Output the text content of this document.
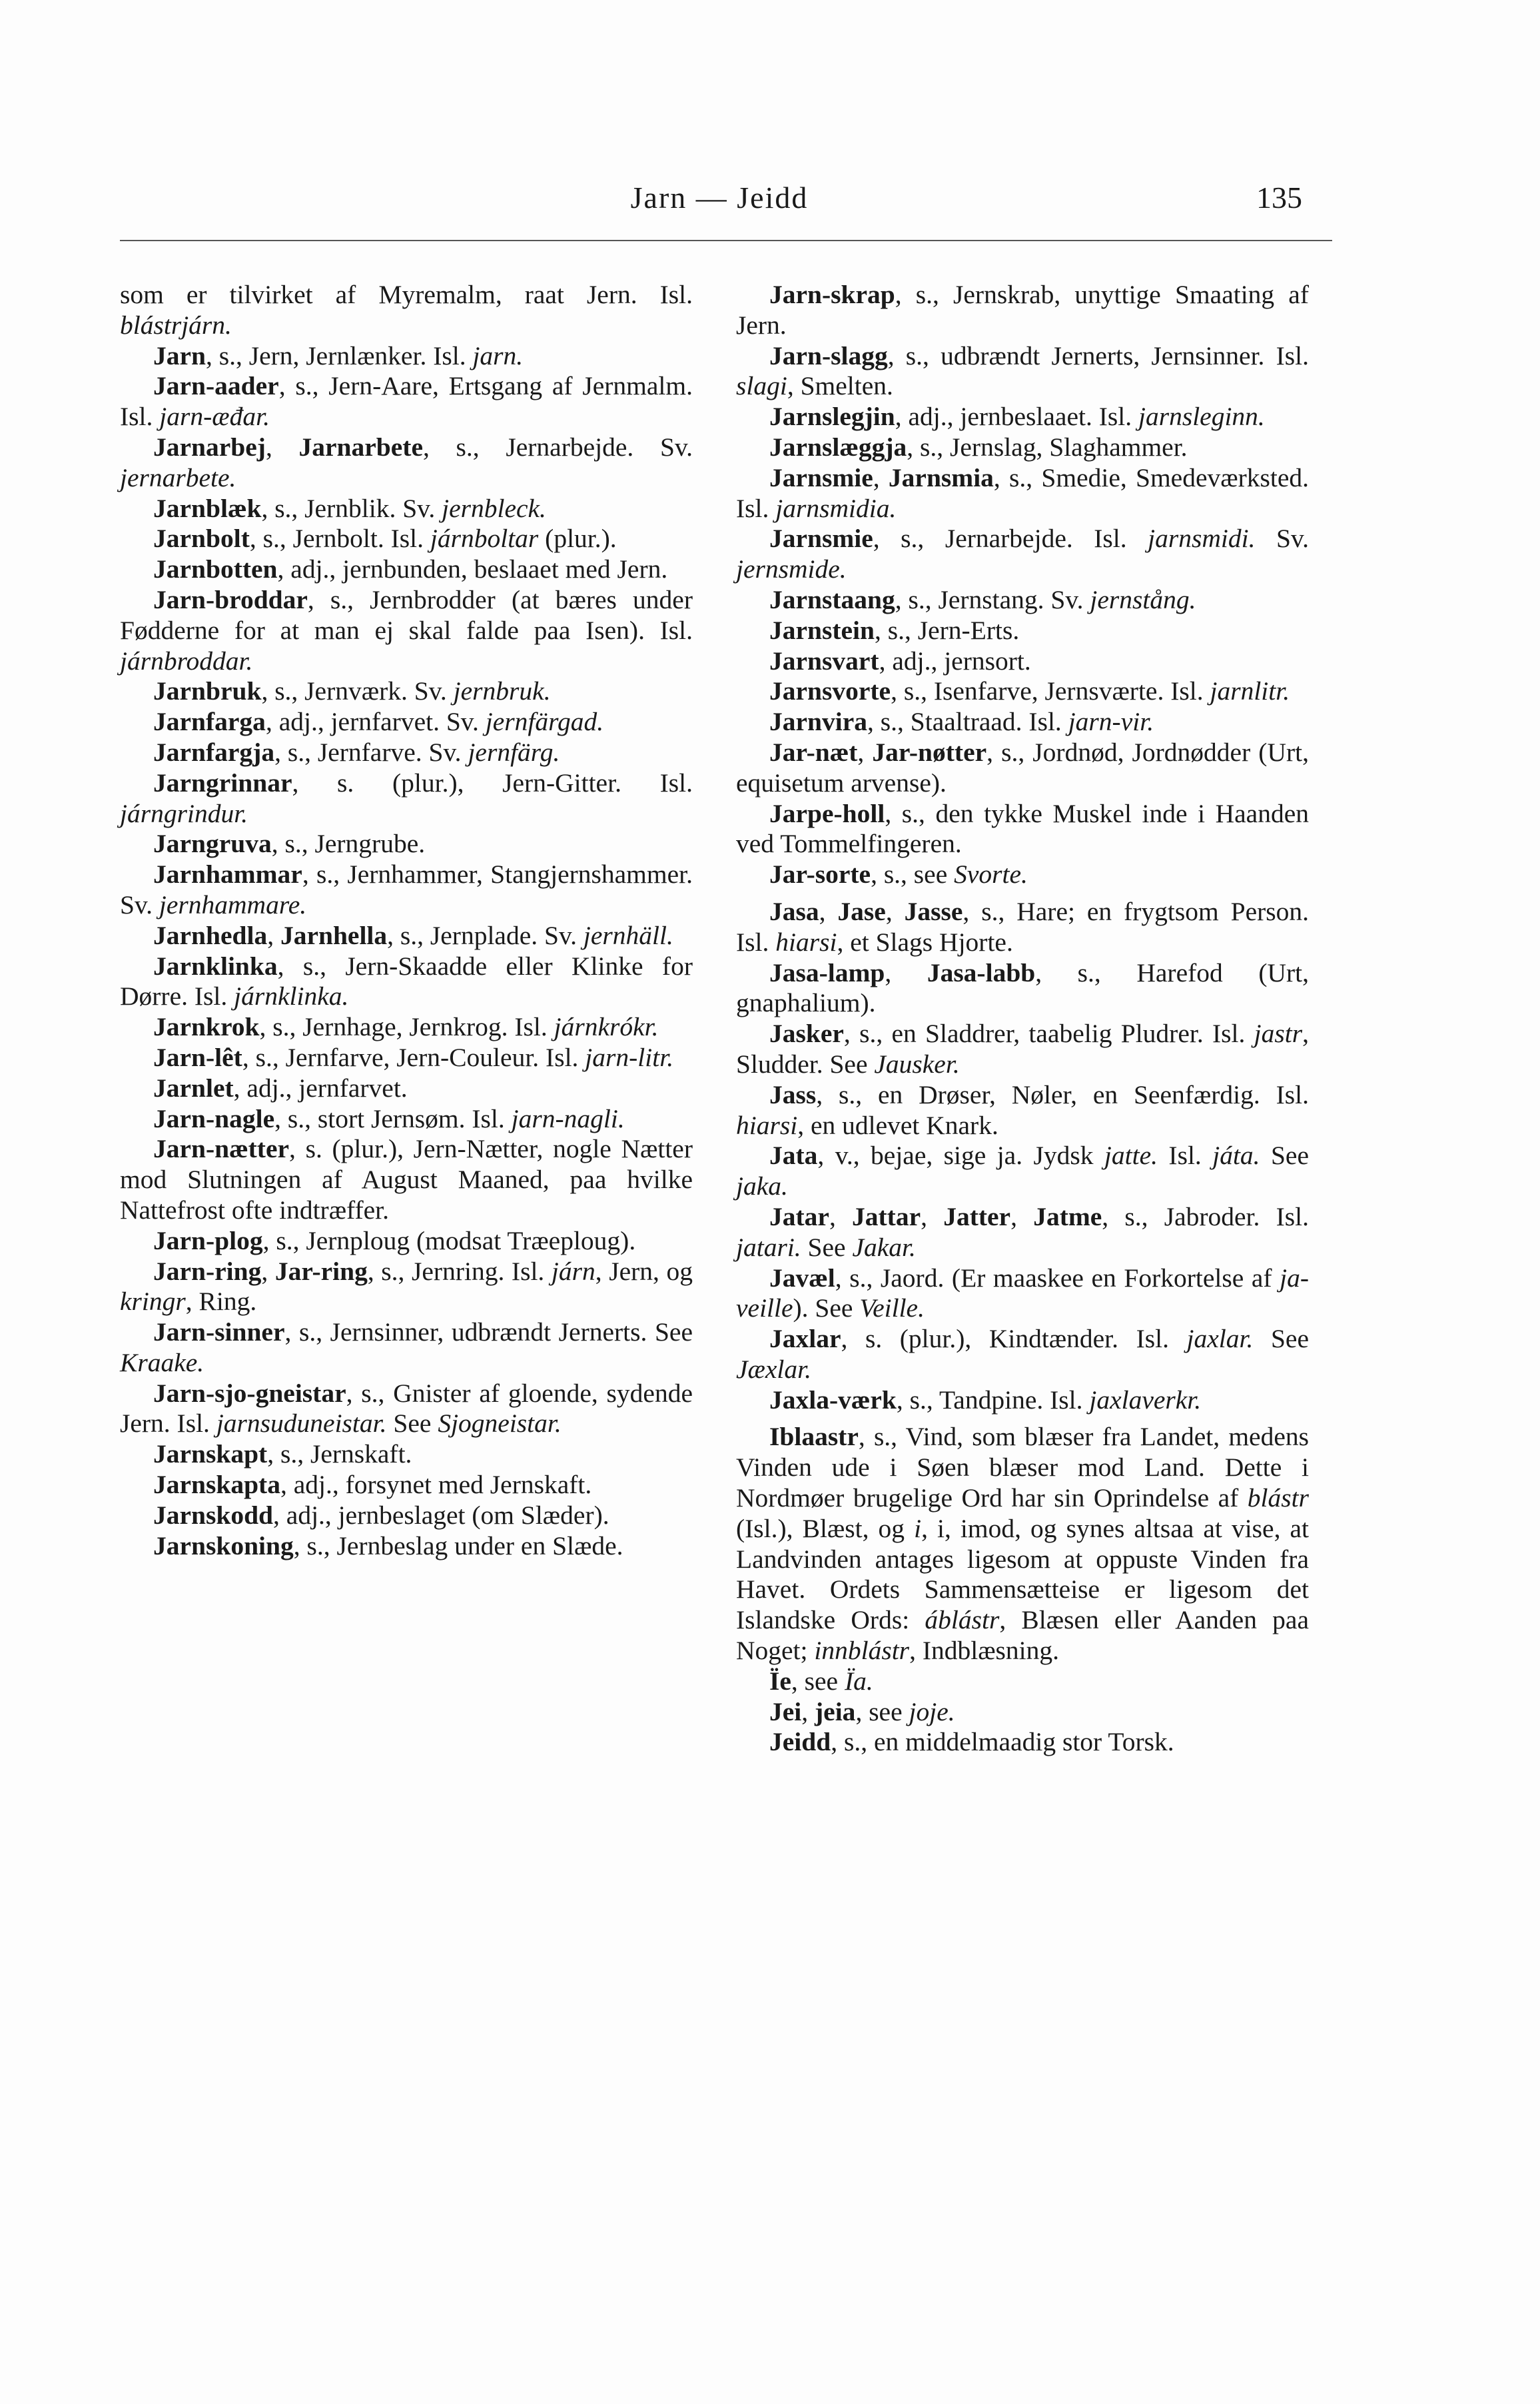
Jarn — Jeidd	135

som er tilvirket af Myremalm, raat Jern. Isl. blástrjárn.

Jarn, s., Jern, Jernlænker. Isl. jarn.

Jarn-aader, s., Jern-Aare, Ertsgang af Jernmalm. Isl. jarn-æđar.

Jarnarbej, Jarnarbete, s., Jernarbejde. Sv. jernarbete.

Jarnblæk, s., Jernblik. Sv. jernbleck.

Jarnbolt, s., Jernbolt. Isl. járnboltar (plur.).

Jarnbotten, adj., jernbunden, beslaaet med Jern.

Jarn-broddar, s., Jernbrodder (at bæres under Fødderne for at man ej skal falde paa Isen). Isl. járnbroddar.

Jarnbruk, s., Jernværk. Sv. jernbruk.

Jarnfarga, adj., jernfarvet. Sv. jernfärgad.

Jarnfargja, s., Jernfarve. Sv. jernfärg.

Jarngrinnar, s. (plur.), Jern-Gitter. Isl. járngrindur.

Jarngruva, s., Jerngrube.

Jarnhammar, s., Jernhammer, Stangjernshammer. Sv. jernhammare.

Jarnhedla, Jarnhella, s., Jernplade. Sv. jernhäll.

Jarnklinka, s., Jern-Skaadde eller Klinke for Dørre. Isl. járnklinka.

Jarnkrok, s., Jernhage, Jernkrog. Isl. járnkrókr.

Jarn-lêt, s., Jernfarve, Jern-Couleur. Isl. jarn-litr.

Jarnlet, adj., jernfarvet.

Jarn-nagle, s., stort Jernsøm. Isl. jarn-nagli.

Jarn-nætter, s. (plur.), Jern-Nætter, nogle Nætter mod Slutningen af August Maaned, paa hvilke Nattefrost ofte indtræffer.

Jarn-plog, s., Jernploug (modsat Træeploug).

Jarn-ring, Jar-ring, s., Jernring. Isl. járn, Jern, og kringr, Ring.

Jarn-sinner, s., Jernsinner, udbrændt Jernerts. See Kraake.

Jarn-sjo-gneistar, s., Gnister af gloende, sydende Jern. Isl. jarnsuduneistar. See Sjogneistar.

Jarnskapt, s., Jernskaft.

Jarnskapta, adj., forsynet med Jernskaft.

Jarnskodd, adj., jernbeslaget (om Slæder).

Jarnskoning, s., Jernbeslag under en Slæde.

Jarn-skrap, s., Jernskrab, unyttige Smaating af Jern.

Jarn-slagg, s., udbrændt Jernerts, Jernsinner. Isl. slagi, Smelten.

Jarnslegjin, adj., jernbeslaaet. Isl. jarnsleginn.

Jarnslæggja, s., Jernslag, Slaghammer.

Jarnsmie, Jarnsmia, s., Smedie, Smedeværksted. Isl. jarnsmidia.

Jarnsmie, s., Jernarbejde. Isl. jarnsmidi. Sv. jernsmide.

Jarnstaang, s., Jernstang. Sv. jernstång.

Jarnstein, s., Jern-Erts.

Jarnsvart, adj., jernsort.

Jarnsvorte, s., Isenfarve, Jernsværte. Isl. jarnlitr.

Jarnvira, s., Staaltraad. Isl. jarn-vir.

Jar-næt, Jar-nøtter, s., Jordnød, Jordnødder (Urt, equisetum arvense).

Jarpe-holl, s., den tykke Muskel inde i Haanden ved Tommelfingeren.

Jar-sorte, s., see Svorte.

Jasa, Jase, Jasse, s., Hare; en frygtsom Person. Isl. hiarsi, et Slags Hjorte.

Jasa-lamp, Jasa-labb, s., Harefod (Urt, gnaphalium).

Jasker, s., en Sladdrer, taabelig Pludrer. Isl. jastr, Sludder. See Jausker.

Jass, s., en Drøser, Nøler, en Seenfærdig. Isl. hiarsi, en udlevet Knark.

Jata, v., bejae, sige ja. Jydsk jatte. Isl. játa. See jaka.

Jatar, Jattar, Jatter, Jatme, s., Jabroder. Isl. jatari. See Jakar.

Javæl, s., Jaord. (Er maaskee en Forkortelse af ja-veille). See Veille.

Jaxlar, s. (plur.), Kindtænder. Isl. jaxlar. See Jæxlar.

Jaxla-værk, s., Tandpine. Isl. jaxlaverkr.

Iblaastr, s., Vind, som blæser fra Landet, medens Vinden ude i Søen blæser mod Land. Dette i Nordmøer brugelige Ord har sin Oprindelse af blástr (Isl.), Blæst, og i, i, imod, og synes altsaa at vise, at Landvinden antages ligesom at oppuste Vinden fra Havet. Ordets Sammensætteise er ligesom det Islandske Ords: áblástr, Blæsen eller Aanden paa Noget; innblástr, Indblæsning.

Ïe, see Ïa.

Jei, jeia, see joje.

Jeidd, s., en middelmaadig stor Torsk.
